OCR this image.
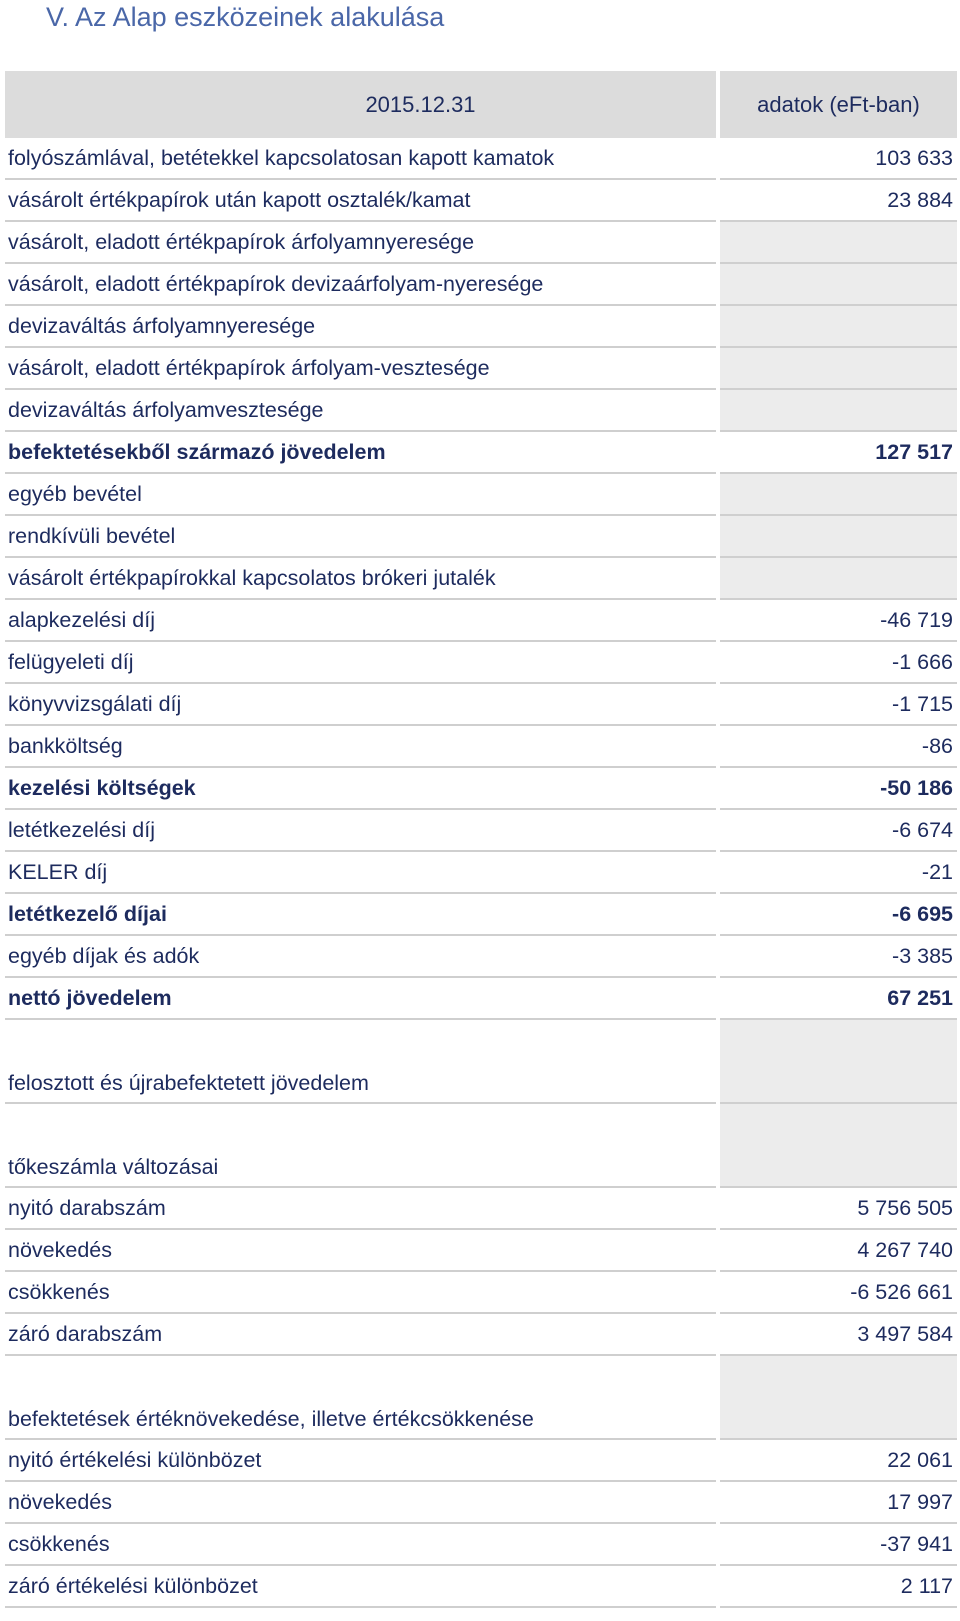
V. Az Alap eszközeinek alakulása
2015.12.31	adatok (eFt-ban)
folyószámlával, betétekkel kapcsolatosan kapott kamatok	103 633
vásárolt értékpapírok után kapott osztalék/kamat	23 884
vásárolt, eladott értékpapírok árfolyamnyeresége
vásárolt, eladott értékpapírok devizaárfolyam-nyeresége
devizaváltás árfolyamnyeresége
vásárolt, eladott értékpapírok árfolyam-vesztesége
devizaváltás árfolyamvesztesége
befektetésekből származó jövedelem	127 517
egyéb bevétel
rendkívüli bevétel
vásárolt értékpapírokkal kapcsolatos brókeri jutalék
alapkezelési díj	-46 719
felügyeleti díj	-1 666
könyvvizsgálati díj	-1 715
bankköltség	-86
kezelési költségek	-50 186
letétkezelési díj	-6 674
KELER díj	-21
letétkezelő díjai	-6 695
egyéb díjak és adók	-3 385
nettó jövedelem	67 251
felosztott és újrabefektetett jövedelem
tőkeszámla változásai
nyitó darabszám	5 756 505
növekedés	4 267 740
csökkenés	-6 526 661
záró darabszám	3 497 584
befektetések értéknövekedése, illetve értékcsökkenése
nyitó értékelési különbözet	22 061
növekedés	17 997
csökkenés	-37 941
záró értékelési különbözet	2 117
